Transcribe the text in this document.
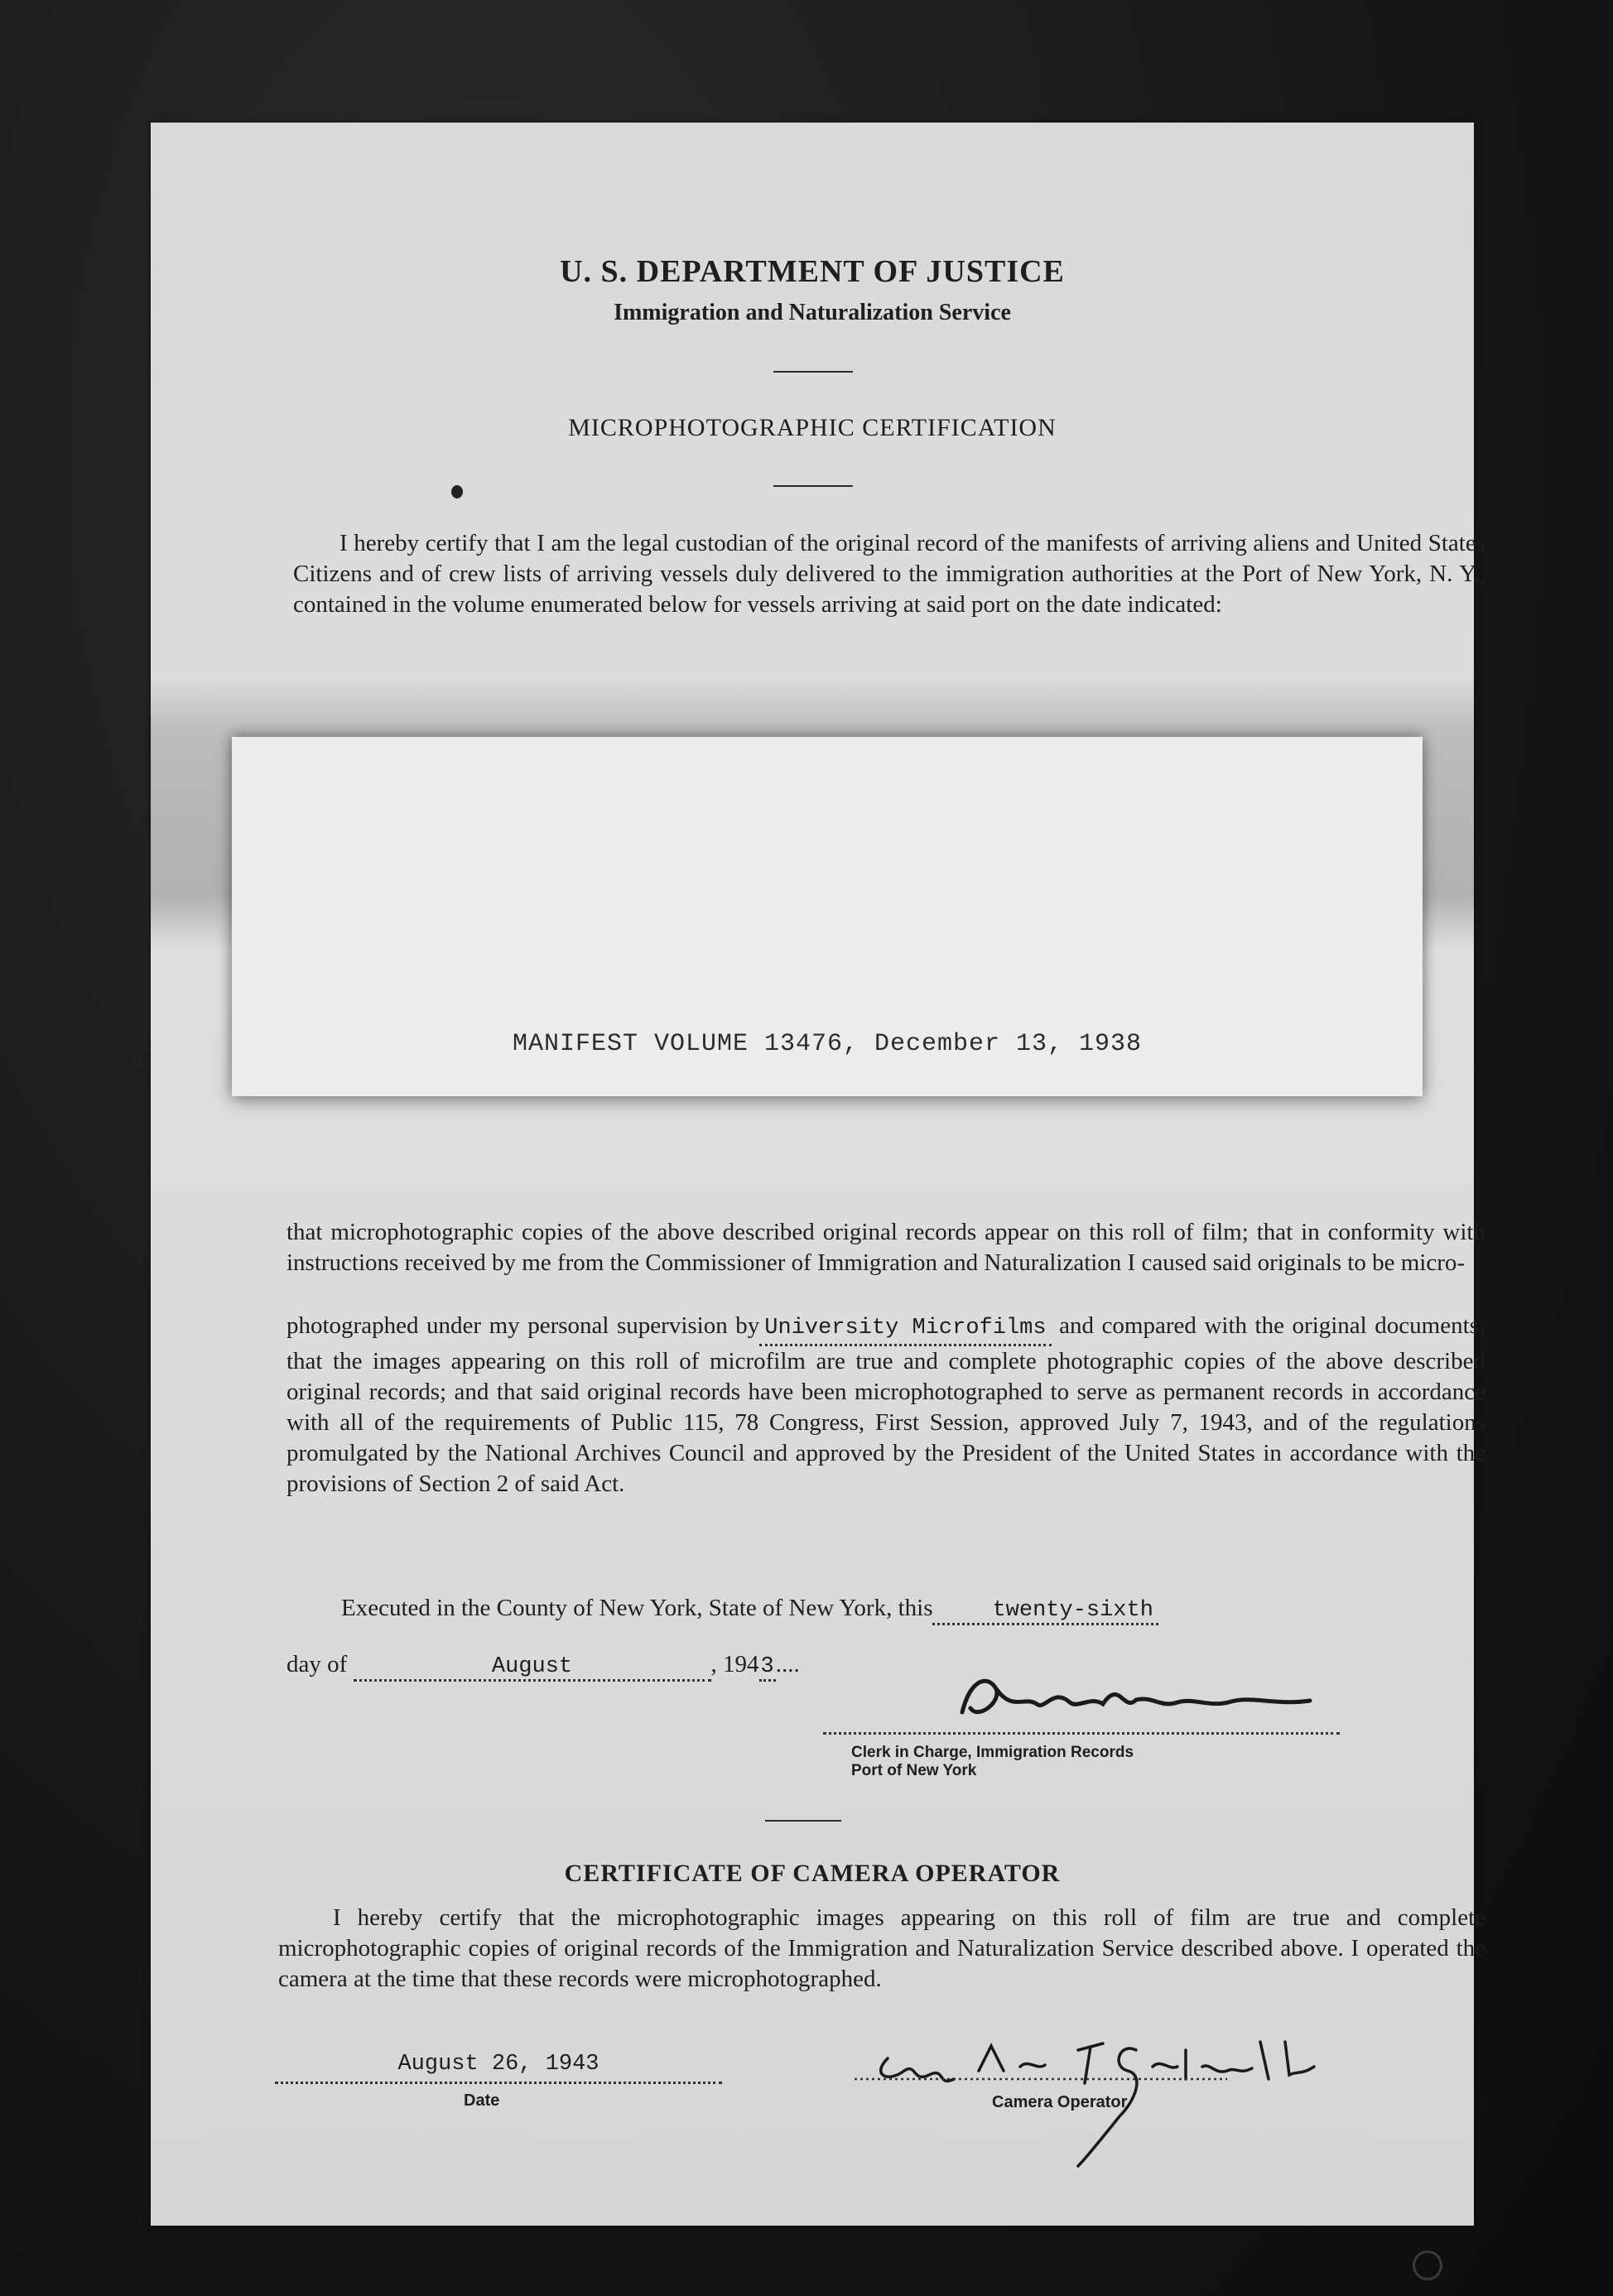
U. S. DEPARTMENT OF JUSTICE
Immigration and Naturalization Service
MICROPHOTOGRAPHIC CERTIFICATION
I hereby certify that I am the legal custodian of the original record of the manifests of arriving aliens and United States Citizens and of crew lists of arriving vessels duly delivered to the immigration authorities at the Port of New York, N. Y., contained in the volume enumerated below for vessels arriving at said port on the date indicated:
MANIFEST VOLUME 13476, December 13, 1938
that microphotographic copies of the above described original records appear on this roll of film; that in conformity with instructions received by me from the Commissioner of Immigration and Naturalization I caused said originals to be micro-
photographed under my personal supervision by University Microfilms and compared with the original documents; that the images appearing on this roll of microfilm are true and complete photographic copies of the above described original records; and that said original records have been microphotographed to serve as permanent records in accordance with all of the requirements of Public 115, 78 Congress, First Session, approved July 7, 1943, and of the regulations promulgated by the National Archives Council and approved by the President of the United States in accordance with the provisions of Section 2 of said Act.
Executed in the County of New York, State of New York, this	twenty-sixth
day of	August	, 1943....
Clerk in Charge, Immigration Records
Port of New York
CERTIFICATE OF CAMERA OPERATOR
I hereby certify that the microphotographic images appearing on this roll of film are true and complete microphotographic copies of original records of the Immigration and Naturalization Service described above. I operated the camera at the time that these records were microphotographed.
August 26, 1943
Date	Camera Operator
